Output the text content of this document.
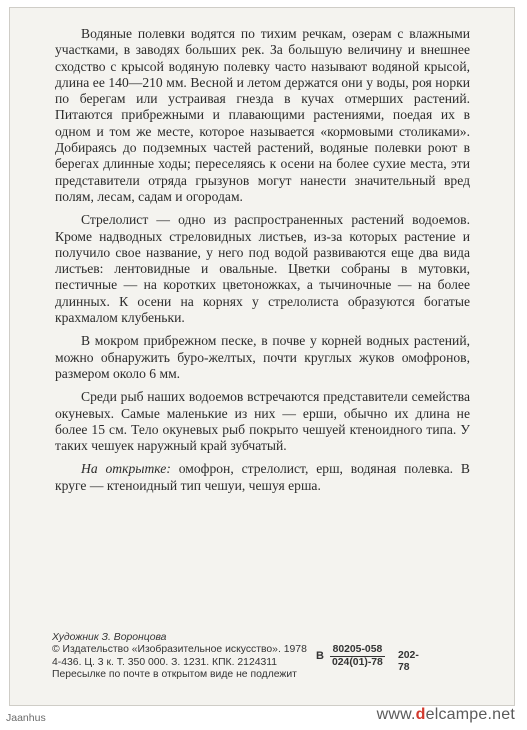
Водяные полевки водятся по тихим речкам, озерам с влажными участками, в заводях больших рек. За большую величину и внешнее сходство с крысой водяную полевку часто называют водяной крысой, длина ее 140—210 мм. Весной и летом держатся они у воды, роя норки по берегам или устраивая гнезда в кучах отмерших растений. Питаются прибрежными и плавающими растениями, поедая их в одном и том же месте, которое называется «кормовыми столиками». Добираясь до подземных частей растений, водяные полевки роют в берегах длинные ходы; переселяясь к осени на более сухие места, эти представители отряда грызунов могут нанести значительный вред полям, лесам, садам и огородам.

Стрелолист — одно из распространенных растений водоемов. Кроме надводных стреловидных листьев, из-за которых растение и получило свое название, у него под водой развиваются еще два вида листьев: лентовидные и овальные. Цветки собраны в мутовки, пестичные — на коротких цветоножках, а тычиночные — на более длинных. К осени на корнях у стрелолиста образуются богатые крахмалом клубеньки.

В мокром прибрежном песке, в почве у корней водных растений, можно обнаружить буро-желтых, почти круглых жуков омофронов, размером около 6 мм.

Среди рыб наших водоемов встречаются представители семейства окуневых. Самые маленькие из них — ерши, обычно их длина не более 15 см. Тело окуневых рыб покрыто чешуей ктеноидного типа. У таких чешуек наружный край зубчатый.

На открытке: омофрон, стрелолист, ерш, водяная полевка. В круге — ктеноидный тип чешуи, чешуя ерша.

Художник З. Воронцова
© Издательство «Изобразительное искусство». 1978
4-436. Ц. 3 к. Т. 350 000. З. 1231. КПК. 2124311
Пересылке по почте в открытом виде не подлежит
В $\frac{80205-058}{024(01)-78} 202-78$
Jaanhus	www.delcampe.net
